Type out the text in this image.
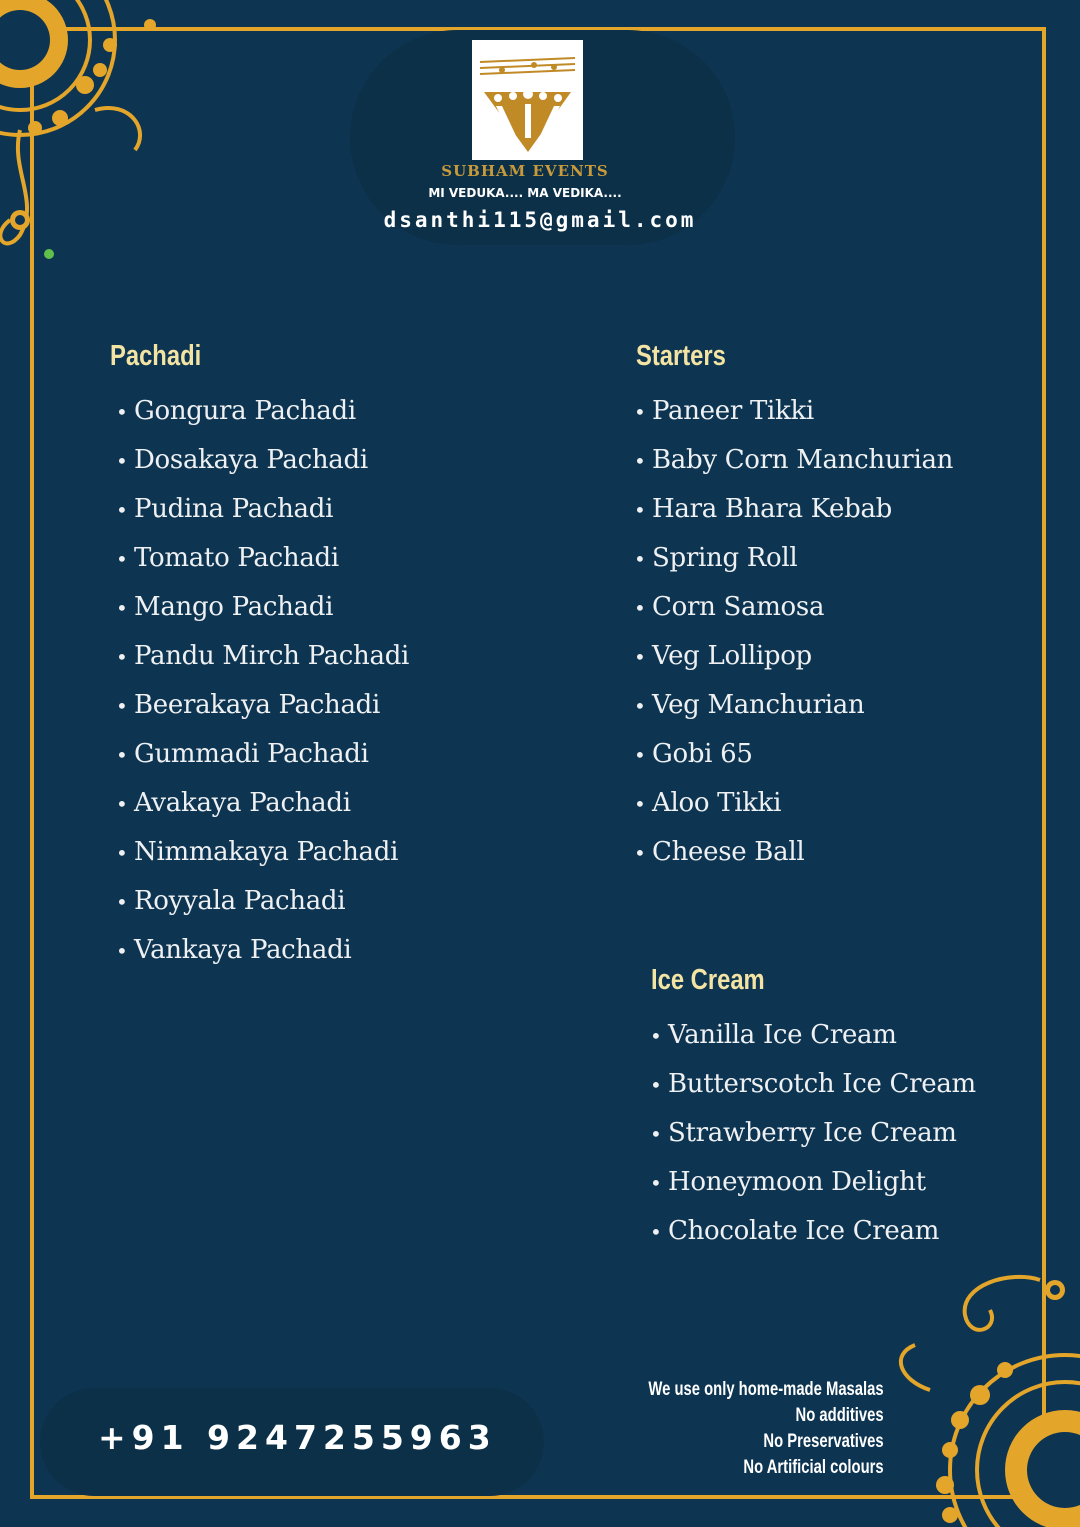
SUBHAM EVENTS
MI VEDUKA.... MA VEDIKA....
dsanthi115@gmail.com
Pachadi
• Gongura Pachadi
• Dosakaya Pachadi
• Pudina Pachadi
• Tomato Pachadi
• Mango Pachadi
• Pandu Mirch Pachadi
• Beerakaya Pachadi
• Gummadi Pachadi
• Avakaya Pachadi
• Nimmakaya Pachadi
• Royyala Pachadi
• Vankaya Pachadi
Starters
• Paneer Tikki
• Baby Corn Manchurian
• Hara Bhara Kebab
• Spring Roll
• Corn Samosa
• Veg Lollipop
• Veg Manchurian
• Gobi 65
• Aloo Tikki
• Cheese Ball
Ice Cream
• Vanilla Ice Cream
• Butterscotch Ice Cream
• Strawberry Ice Cream
• Honeymoon Delight
• Chocolate Ice Cream
+91 9247255963
We use only home-made Masalas
No additives
No Preservatives
No Artificial colours
